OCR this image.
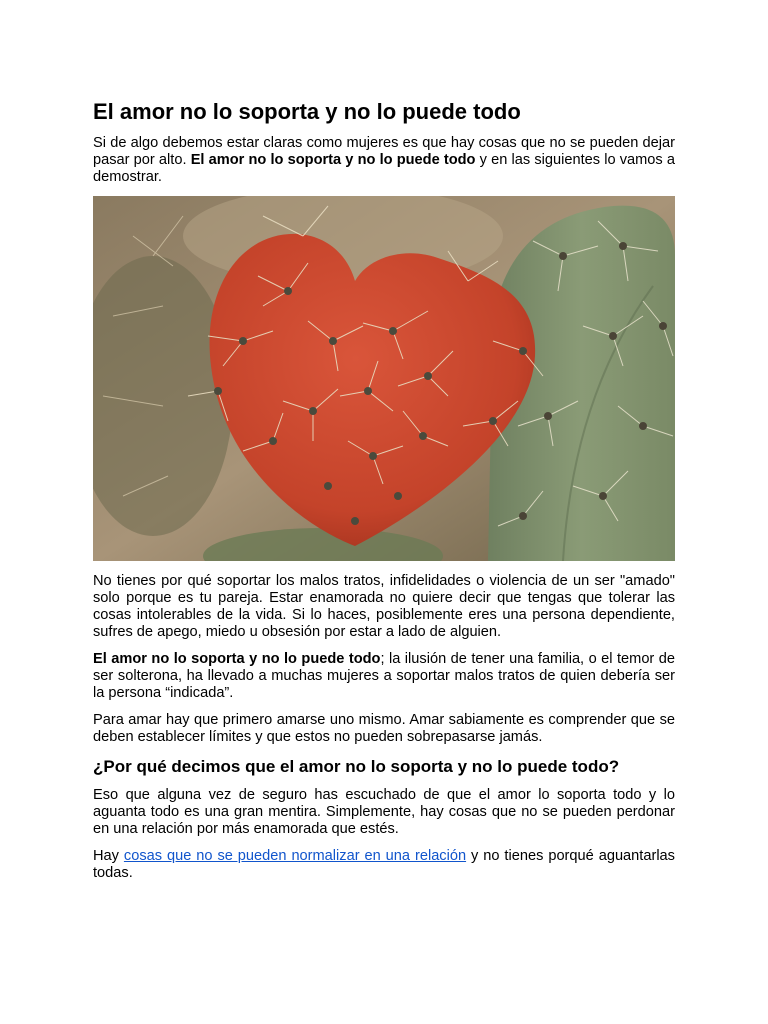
El amor no lo soporta y no lo puede todo

Si de algo debemos estar claras como mujeres es que hay cosas que no se pueden dejar pasar por alto. El amor no lo soporta y no lo puede todo y en las siguientes lo vamos a demostrar.

No tienes por qué soportar los malos tratos, infidelidades o violencia de un ser "amado" solo porque es tu pareja. Estar enamorada no quiere decir que tengas que tolerar las cosas intolerables de la vida. Si lo haces, posiblemente eres una persona dependiente, sufres de apego, miedo u obsesión por estar a lado de alguien.

El amor no lo soporta y no lo puede todo; la ilusión de tener una familia, o el temor de ser solterona, ha llevado a muchas mujeres a soportar malos tratos de quien debería ser la persona “indicada”.

Para amar hay que primero amarse uno mismo. Amar sabiamente es comprender que se deben establecer límites y que estos no pueden sobrepasarse jamás.

¿Por qué decimos que el amor no lo soporta y no lo puede todo?

Eso que alguna vez de seguro has escuchado de que el amor lo soporta todo y lo aguanta todo es una gran mentira. Simplemente, hay cosas que no se pueden perdonar en una relación por más enamorada que estés.

Hay cosas que no se pueden normalizar en una relación y no tienes porqué aguantarlas todas.
